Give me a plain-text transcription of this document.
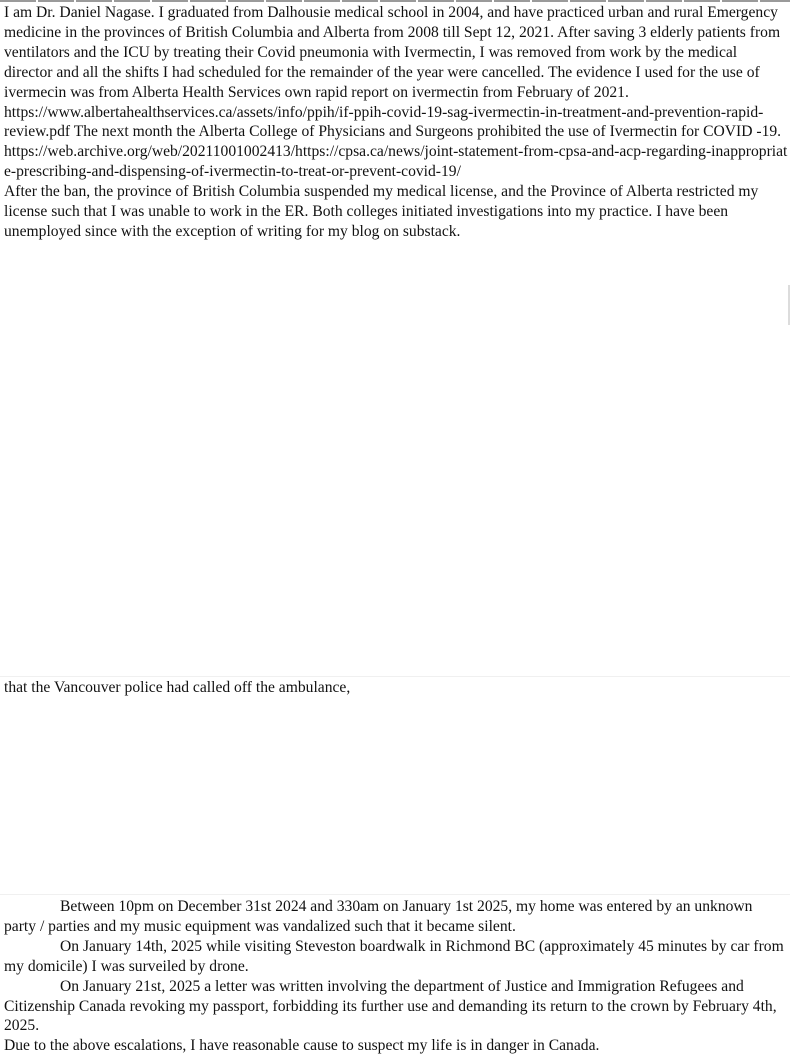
I am Dr. Daniel Nagase. I graduated from Dalhousie medical school in 2004, and have practiced urban and rural Emergency medicine in the provinces of British Columbia and Alberta from 2008 till Sept 12, 2021. After saving 3 elderly patients from ventilators and the ICU by treating their Covid pneumonia with Ivermectin, I was removed from work by the medical director and all the shifts I had scheduled for the remainder of the year were cancelled. The evidence I used for the use of ivermecin was from Alberta Health Services own rapid report on ivermectin from February of 2021. https://www.albertahealthservices.ca/assets/info/ppih/if-ppih-covid-19-sag-ivermectin-in-treatment-and-prevention-rapid-review.pdf The next month the Alberta College of Physicians and Surgeons prohibited the use of Ivermectin for COVID -19.

https://web.archive.org/web/20211001002413/https://cpsa.ca/news/joint-statement-from-cpsa-and-acp-regarding-inappropriate-prescribing-and-dispensing-of-ivermectin-to-treat-or-prevent-covid-19/

After the ban, the province of British Columbia suspended my medical license, and the Province of Alberta restricted my license such that I was unable to work in the ER. Both colleges initiated investigations into my practice. I have been unemployed since with the exception of writing for my blog on substack.

that the Vancouver police had called off the ambulance,

Between 10pm on December 31st 2024 and 330am on January 1st 2025, my home was entered by an unknown party / parties and my music equipment was vandalized such that it became silent.

On January 14th, 2025 while visiting Steveston boardwalk in Richmond BC (approximately 45 minutes by car from my domicile) I was surveiled by drone.

On January 21st, 2025 a letter was written involving the department of Justice and Immigration Refugees and Citizenship Canada revoking my passport, forbidding its further use and demanding its return to the crown by February 4th, 2025.

Due to the above escalations, I have reasonable cause to suspect my life is in danger in Canada.
